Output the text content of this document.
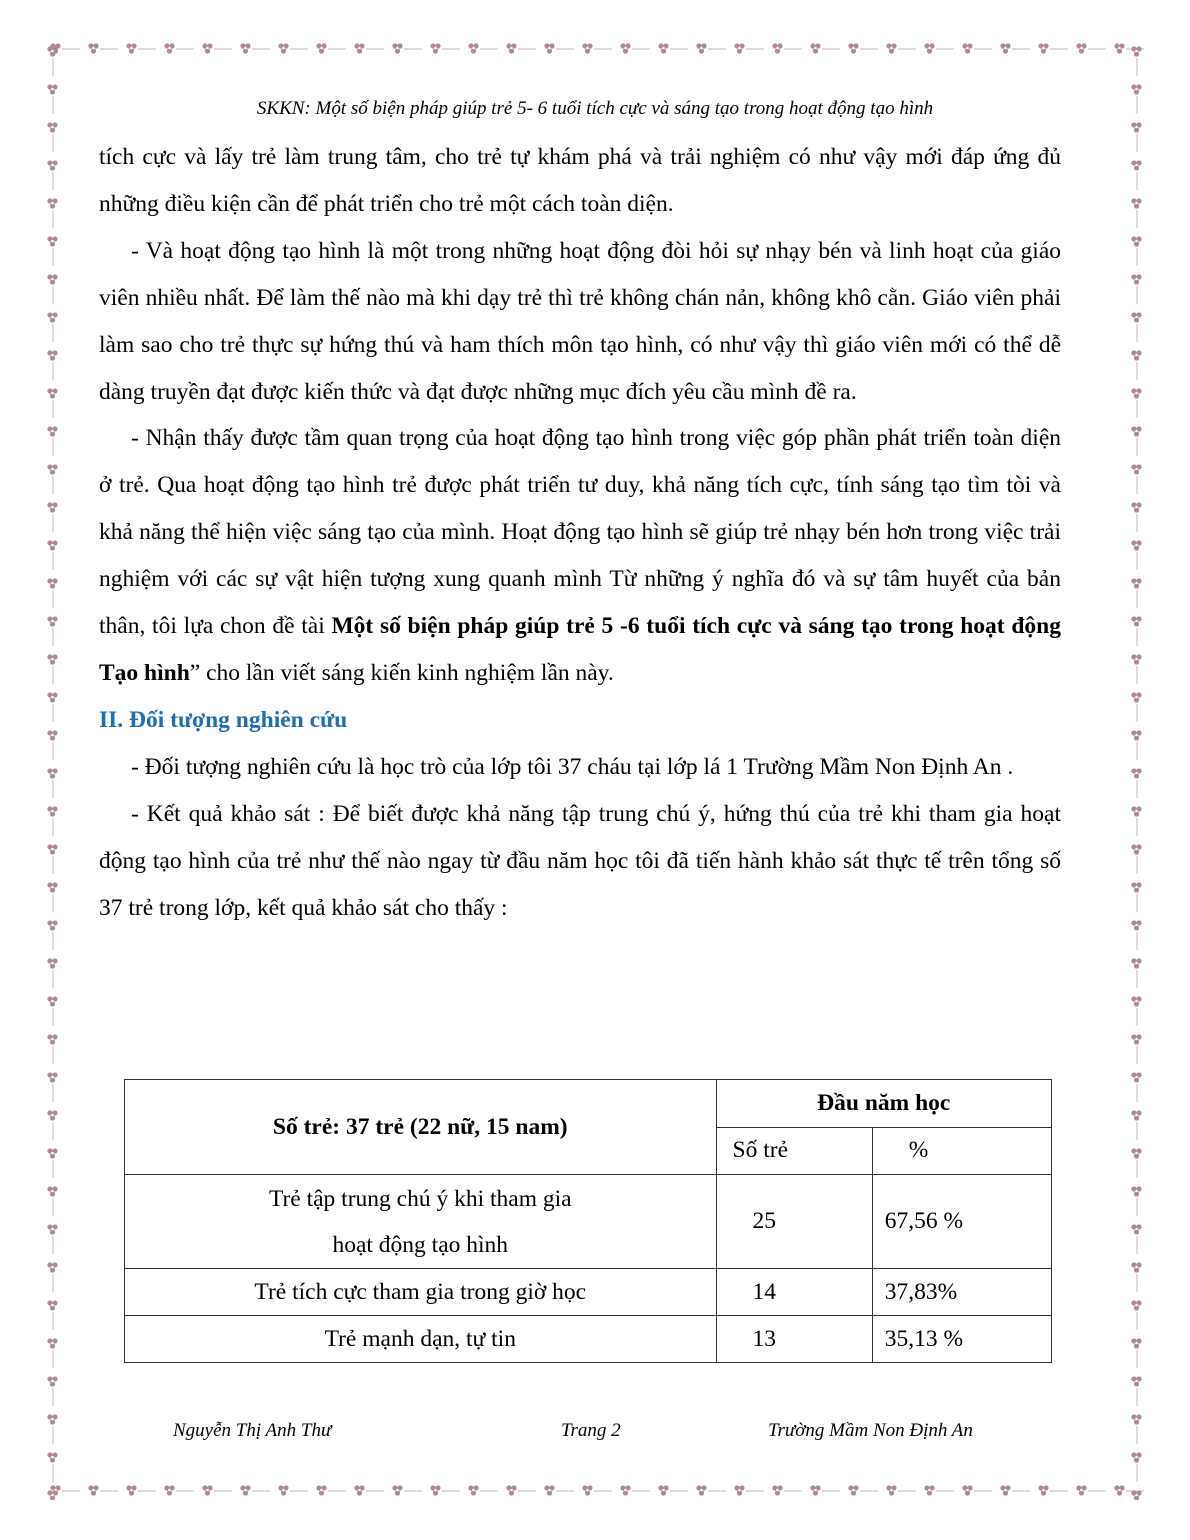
SKKN: Một số biện pháp giúp trẻ 5- 6 tuổi tích cực và sáng tạo trong hoạt động tạo hình

tích cực và lấy trẻ làm trung tâm, cho trẻ tự khám phá và trải nghiệm có như vậy mới đáp ứng đủ những điều kiện cần để phát triển cho trẻ một cách toàn diện.

- Và hoạt động tạo hình là một trong những hoạt động đòi hỏi sự nhạy bén và linh hoạt của giáo viên nhiều nhất. Để làm thế nào mà khi dạy trẻ thì trẻ không chán nản, không khô cằn. Giáo viên phải làm sao cho trẻ thực sự hứng thú và ham thích môn tạo hình, có như vậy thì giáo viên mới có thể dễ dàng truyền đạt được kiến thức và đạt được những mục đích yêu cầu mình đề ra.

- Nhận thấy được tầm quan trọng của hoạt động tạo hình trong việc góp phần phát triển toàn diện ở trẻ. Qua hoạt động tạo hình trẻ được phát triển tư duy, khả năng tích cực, tính sáng tạo tìm tòi và khả năng thể hiện việc sáng tạo của mình. Hoạt động tạo hình sẽ giúp trẻ nhạy bén hơn trong việc trải nghiệm với các sự vật hiện tượng xung quanh mình Từ những ý nghĩa đó và sự tâm huyết của bản thân, tôi lựa chon đề tài Một số biện pháp giúp trẻ 5 -6 tuổi tích cực và sáng tạo trong hoạt động Tạo hình” cho lần viết sáng kiến kinh nghiệm lần này.

II. Đối tượng nghiên cứu

- Đối tượng nghiên cứu là học trò của lớp tôi 37 cháu tại lớp lá 1 Trường Mầm Non Định An .

- Kết quả khảo sát : Để biết được khả năng tập trung chú ý, hứng thú của trẻ khi tham gia hoạt động tạo hình của trẻ như thế nào ngay từ đầu năm học tôi đã tiến hành khảo sát thực tế trên tổng số 37 trẻ trong lớp, kết quả khảo sát cho thấy :

Số trẻ: 37 trẻ (22 nữ, 15 nam)	Đầu năm học	
	Số trẻ	%

Trẻ tập trung chú ý khi tham gia
hoạt động tạo hình	25	67,56 %
Trẻ tích cực tham gia trong giờ học	14	37,83%
Trẻ mạnh dạn, tự tin	13	35,13 %
Nguyễn Thị Anh Thư	Trang 2	Trường Mầm Non Định An
